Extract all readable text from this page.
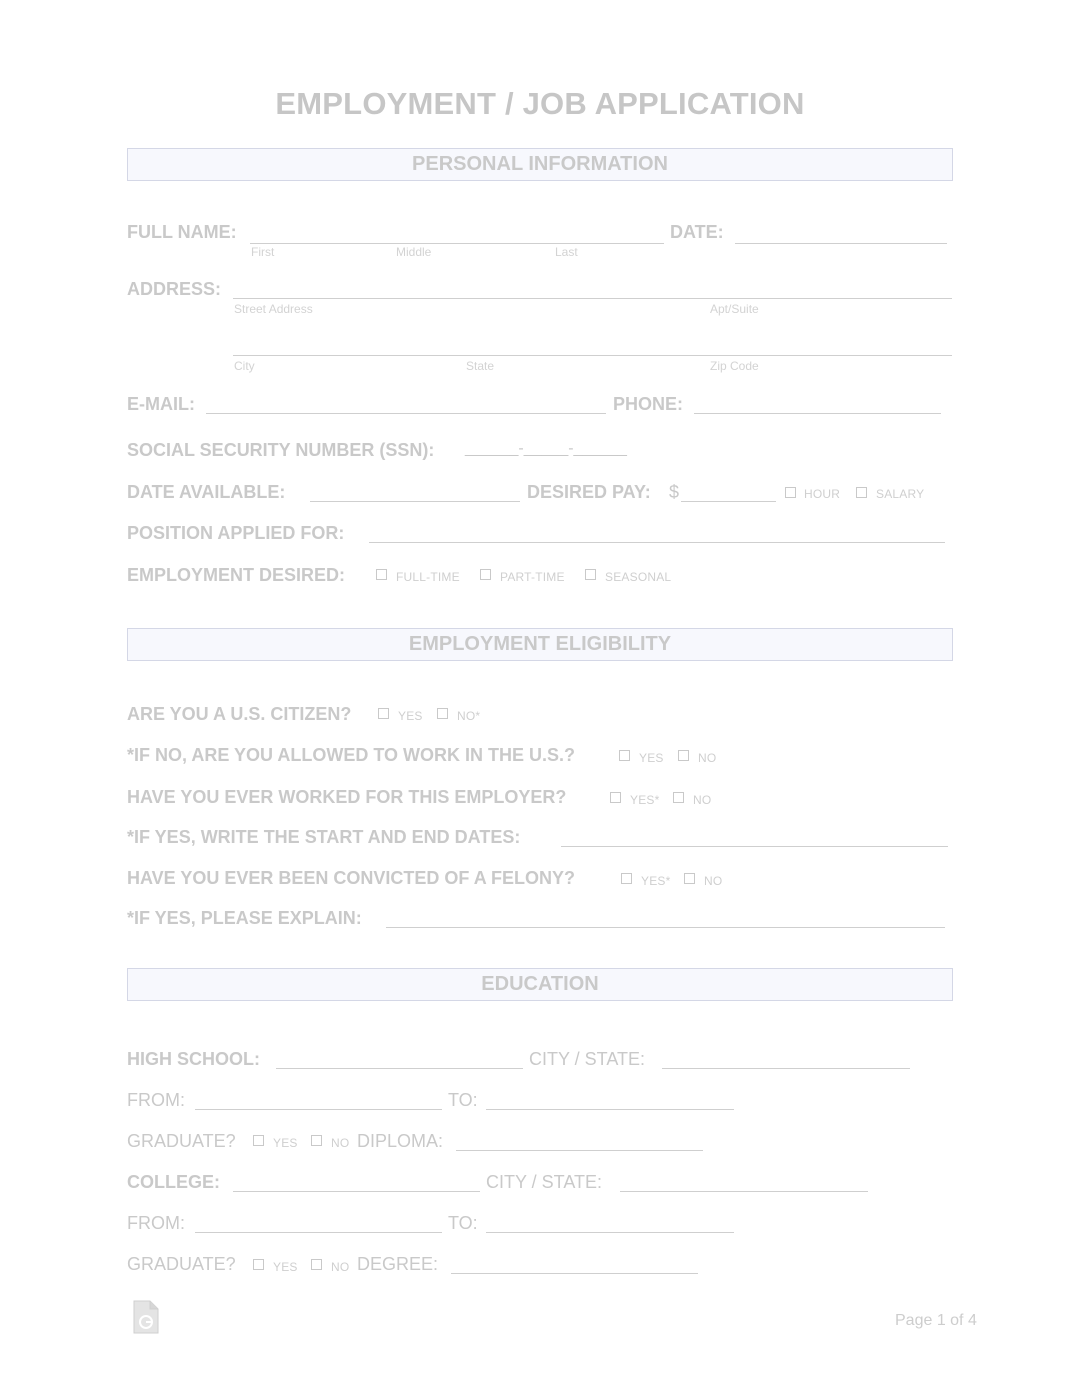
EMPLOYMENT / JOB APPLICATION
PERSONAL INFORMATION
FULL NAME:
First	Middle	Last
DATE:
ADDRESS:
Street Address	Apt/Suite
City	State	Zip Code
E-MAIL:	PHONE:
SOCIAL SECURITY NUMBER (SSN): ______-_____-______
DATE AVAILABLE:	DESIRED PAY: $	HOUR	SALARY
POSITION APPLIED FOR:
EMPLOYMENT DESIRED:	FULL-TIME	PART-TIME	SEASONAL
EMPLOYMENT ELIGIBILITY
ARE YOU A U.S. CITIZEN?	YES	NO*
*IF NO, ARE YOU ALLOWED TO WORK IN THE U.S.?	YES	NO
HAVE YOU EVER WORKED FOR THIS EMPLOYER?	YES*	NO
*IF YES, WRITE THE START AND END DATES:
HAVE YOU EVER BEEN CONVICTED OF A FELONY?	YES*	NO
*IF YES, PLEASE EXPLAIN:
EDUCATION
HIGH SCHOOL:	CITY / STATE:
FROM:	TO:
GRADUATE?	YES	NO DIPLOMA:
COLLEGE:	CITY / STATE:
FROM:	TO:
GRADUATE?	YES	NO DEGREE:
Page 1 of 4
